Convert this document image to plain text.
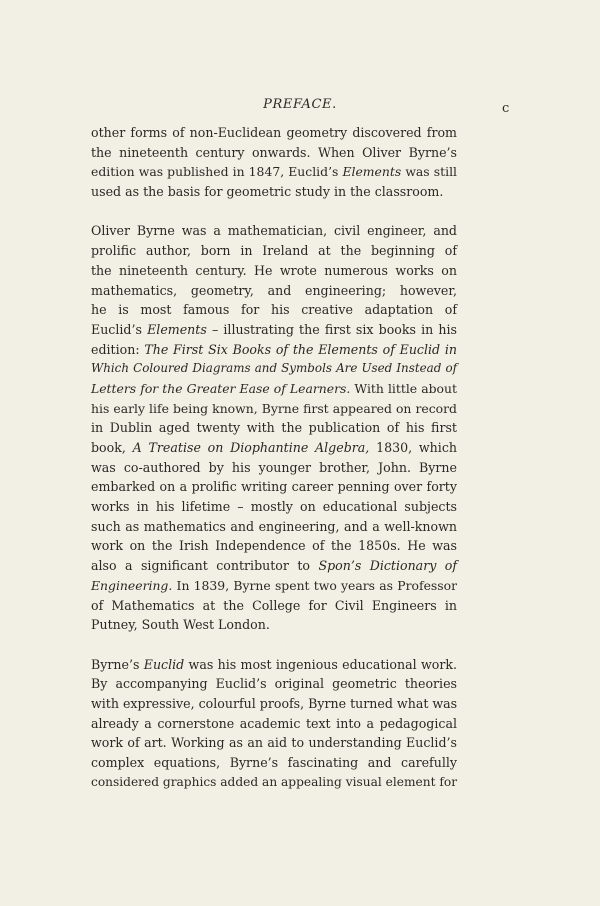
PREFACE.	c
other forms of non-Euclidean geometry discovered from
the nineteenth century onwards. When Oliver Byrne’s
edition was published in 1847, Euclid’s Elements was still
used as the basis for geometric study in the classroom.
Oliver Byrne was a mathematician, civil engineer, and
prolific author, born in Ireland at the beginning of
the nineteenth century. He wrote numerous works on
mathematics, geometry, and engineering; however,
he is most famous for his creative adaptation of
Euclid’s Elements – illustrating the first six books in his
edition: The First Six Books of the Elements of Euclid in
Which Coloured Diagrams and Symbols Are Used Instead of
Letters for the Greater Ease of Learners. With little about
his early life being known, Byrne first appeared on record
in Dublin aged twenty with the publication of his first
book, A Treatise on Diophantine Algebra, 1830, which
was co-authored by his younger brother, John. Byrne
embarked on a prolific writing career penning over forty
works in his lifetime – mostly on educational subjects
such as mathematics and engineering, and a well-known
work on the Irish Independence of the 1850s. He was
also a significant contributor to Spon’s Dictionary of
Engineering. In 1839, Byrne spent two years as Professor
of Mathematics at the College for Civil Engineers in
Putney, South West London.
Byrne’s Euclid was his most ingenious educational work.
By accompanying Euclid’s original geometric theories
with expressive, colourful proofs, Byrne turned what was
already a cornerstone academic text into a pedagogical
work of art. Working as an aid to understanding Euclid’s
complex equations, Byrne’s fascinating and carefully
considered graphics added an appealing visual element for
